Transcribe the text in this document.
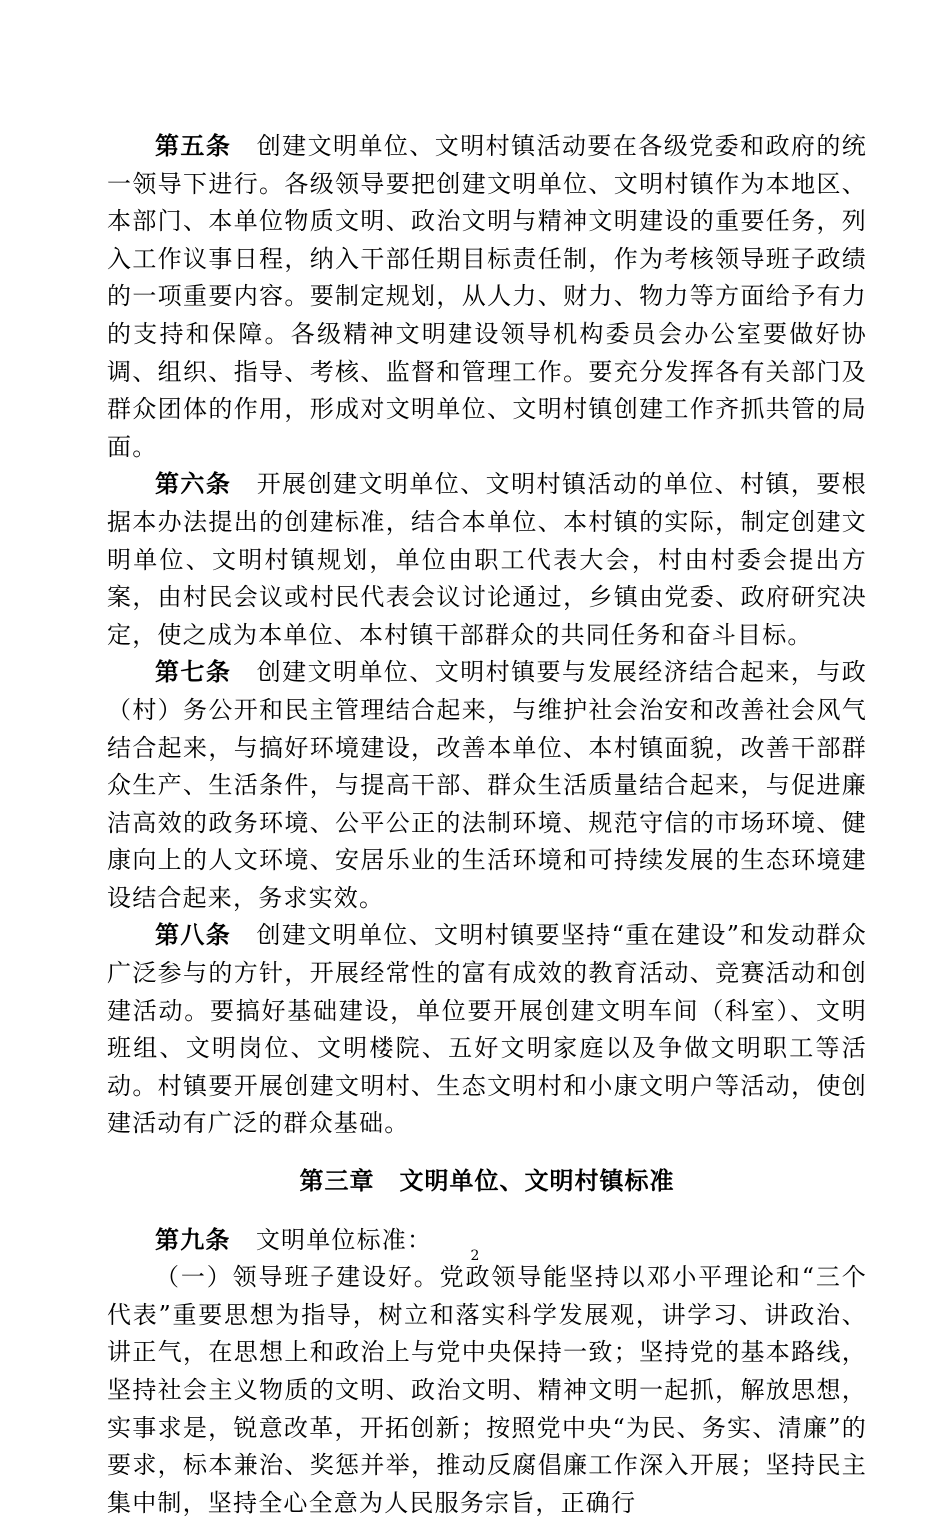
第五条　 创建文明单位、文明村镇活动要在各级党委和政府的统一领导下进行。各级领导要把创建文明单位、文明村镇作为本地区、本部门、本单位物质文明、政治文明与精神文明建设的重要任务，列入工作议事日程，纳入干部任期目标责任制，作为考核领导班子政绩的一项重要内容。要制定规划，从人力、财力、物力等方面给予有力的支持和保障。各级精神文明建设领导机构委员会办公室要做好协调、组织、指导、考核、监督和管理工作。要充分发挥各有关部门及群众团体的作用，形成对文明单位、文明村镇创建工作齐抓共管的局面。

第六条　 开展创建文明单位、文明村镇活动的单位、村镇，要根据本办法提出的创建标准，结合本单位、本村镇的实际，制定创建文明单位、文明村镇规划，单位由职工代表大会，村由村委会提出方案，由村民会议或村民代表会议讨论通过，乡镇由党委、政府研究决定，使之成为本单位、本村镇干部群众的共同任务和奋斗目标。

第七条　 创建文明单位、文明村镇要与发展经济结合起来，与政（村）务公开和民主管理结合起来，与维护社会治安和改善社会风气结合起来，与搞好环境建设，改善本单位、本村镇面貌，改善干部群众生产、生活条件，与提高干部、群众生活质量结合起来，与促进廉洁高效的政务环境、公平公正的法制环境、规范守信的市场环境、健康向上的人文环境、安居乐业的生活环境和可持续发展的生态环境建设结合起来，务求实效。

第八条　 创建文明单位、文明村镇要坚持“重在建设”和发动群众广泛参与的方针，开展经常性的富有成效的教育活动、竞赛活动和创建活动。要搞好基础建设，单位要开展创建文明车间（科室）、文明班组、文明岗位、文明楼院、五好文明家庭以及争做文明职工等活动。村镇要开展创建文明村、生态文明村和小康文明户等活动，使创建活动有广泛的群众基础。

第三章　 文明单位、文明村镇标准

第九条　 文明单位标准：

（一）领导班子建设好。党政领导能坚持以邓小平理论和“三个代表”重要思想为指导，树立和落实科学发展观，讲学习、讲政治、讲正气，在思想上和政治上与党中央保持一致；坚持党的基本路线，坚持社会主义物质的文明、政治文明、精神文明一起抓，解放思想，实事求是，锐意改革，开拓创新；按照党中央“为民、务实、清廉”的要求，标本兼治、奖惩并举，推动反腐倡廉工作深入开展；坚持民主集中制，坚持全心全意为人民服务宗旨，正确行

2
